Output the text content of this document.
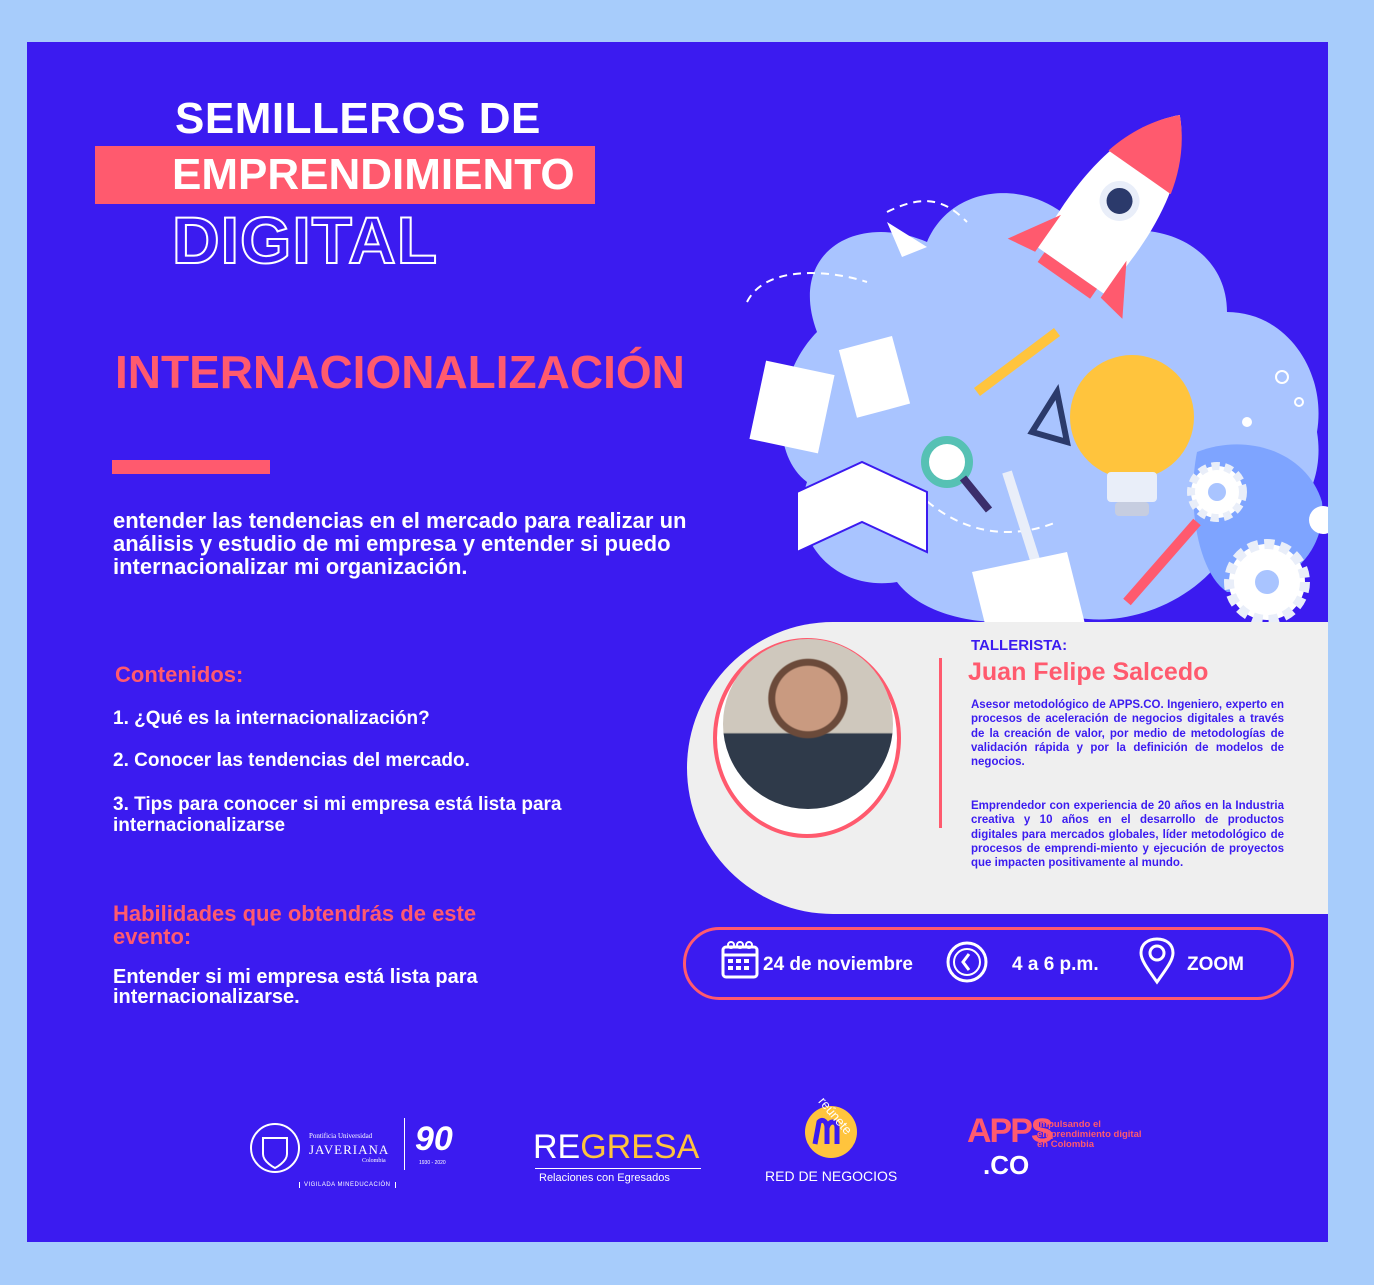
SEMILLEROS DE
EMPRENDIMIENTO
DIGITAL
INTERNACIONALIZACIÓN
entender las tendencias en el mercado para realizar un análisis y estudio de mi empresa y entender si puedo internacionalizar mi organización.
Contenidos:
1. ¿Qué es la internacionalización?
2. Conocer las tendencias del mercado.
3. Tips para conocer si mi empresa está lista para internacionalizarse
Habilidades que obtendrás de este evento:
Entender si mi empresa está lista para internacionalizarse.
TALLERISTA:
Juan Felipe Salcedo
Asesor metodológico de APPS.CO. Ingeniero, experto en procesos de aceleración de negocios digitales a través de la creación de valor, por medio de metodologías de validación rápida y por la definición de modelos de negocios.
Emprendedor con experiencia de 20 años en la Industria creativa y 10 años en el desarrollo de productos digitales para mercados globales, líder metodológico de procesos de emprendi-miento y ejecución de proyectos que impacten positivamente al mundo.
24 de noviembre	4 a 6 p.m.	ZOOM
Pontificia Universidad
JAVERIANA
Colombia
90
1930 - 2020
VIGILADA MINEDUCACIÓN
REGRESA
Relaciones con Egresados
reúnete
RED DE NEGOCIOS
APPS
.CO
Impulsando el emprendimiento digital en Colombia
